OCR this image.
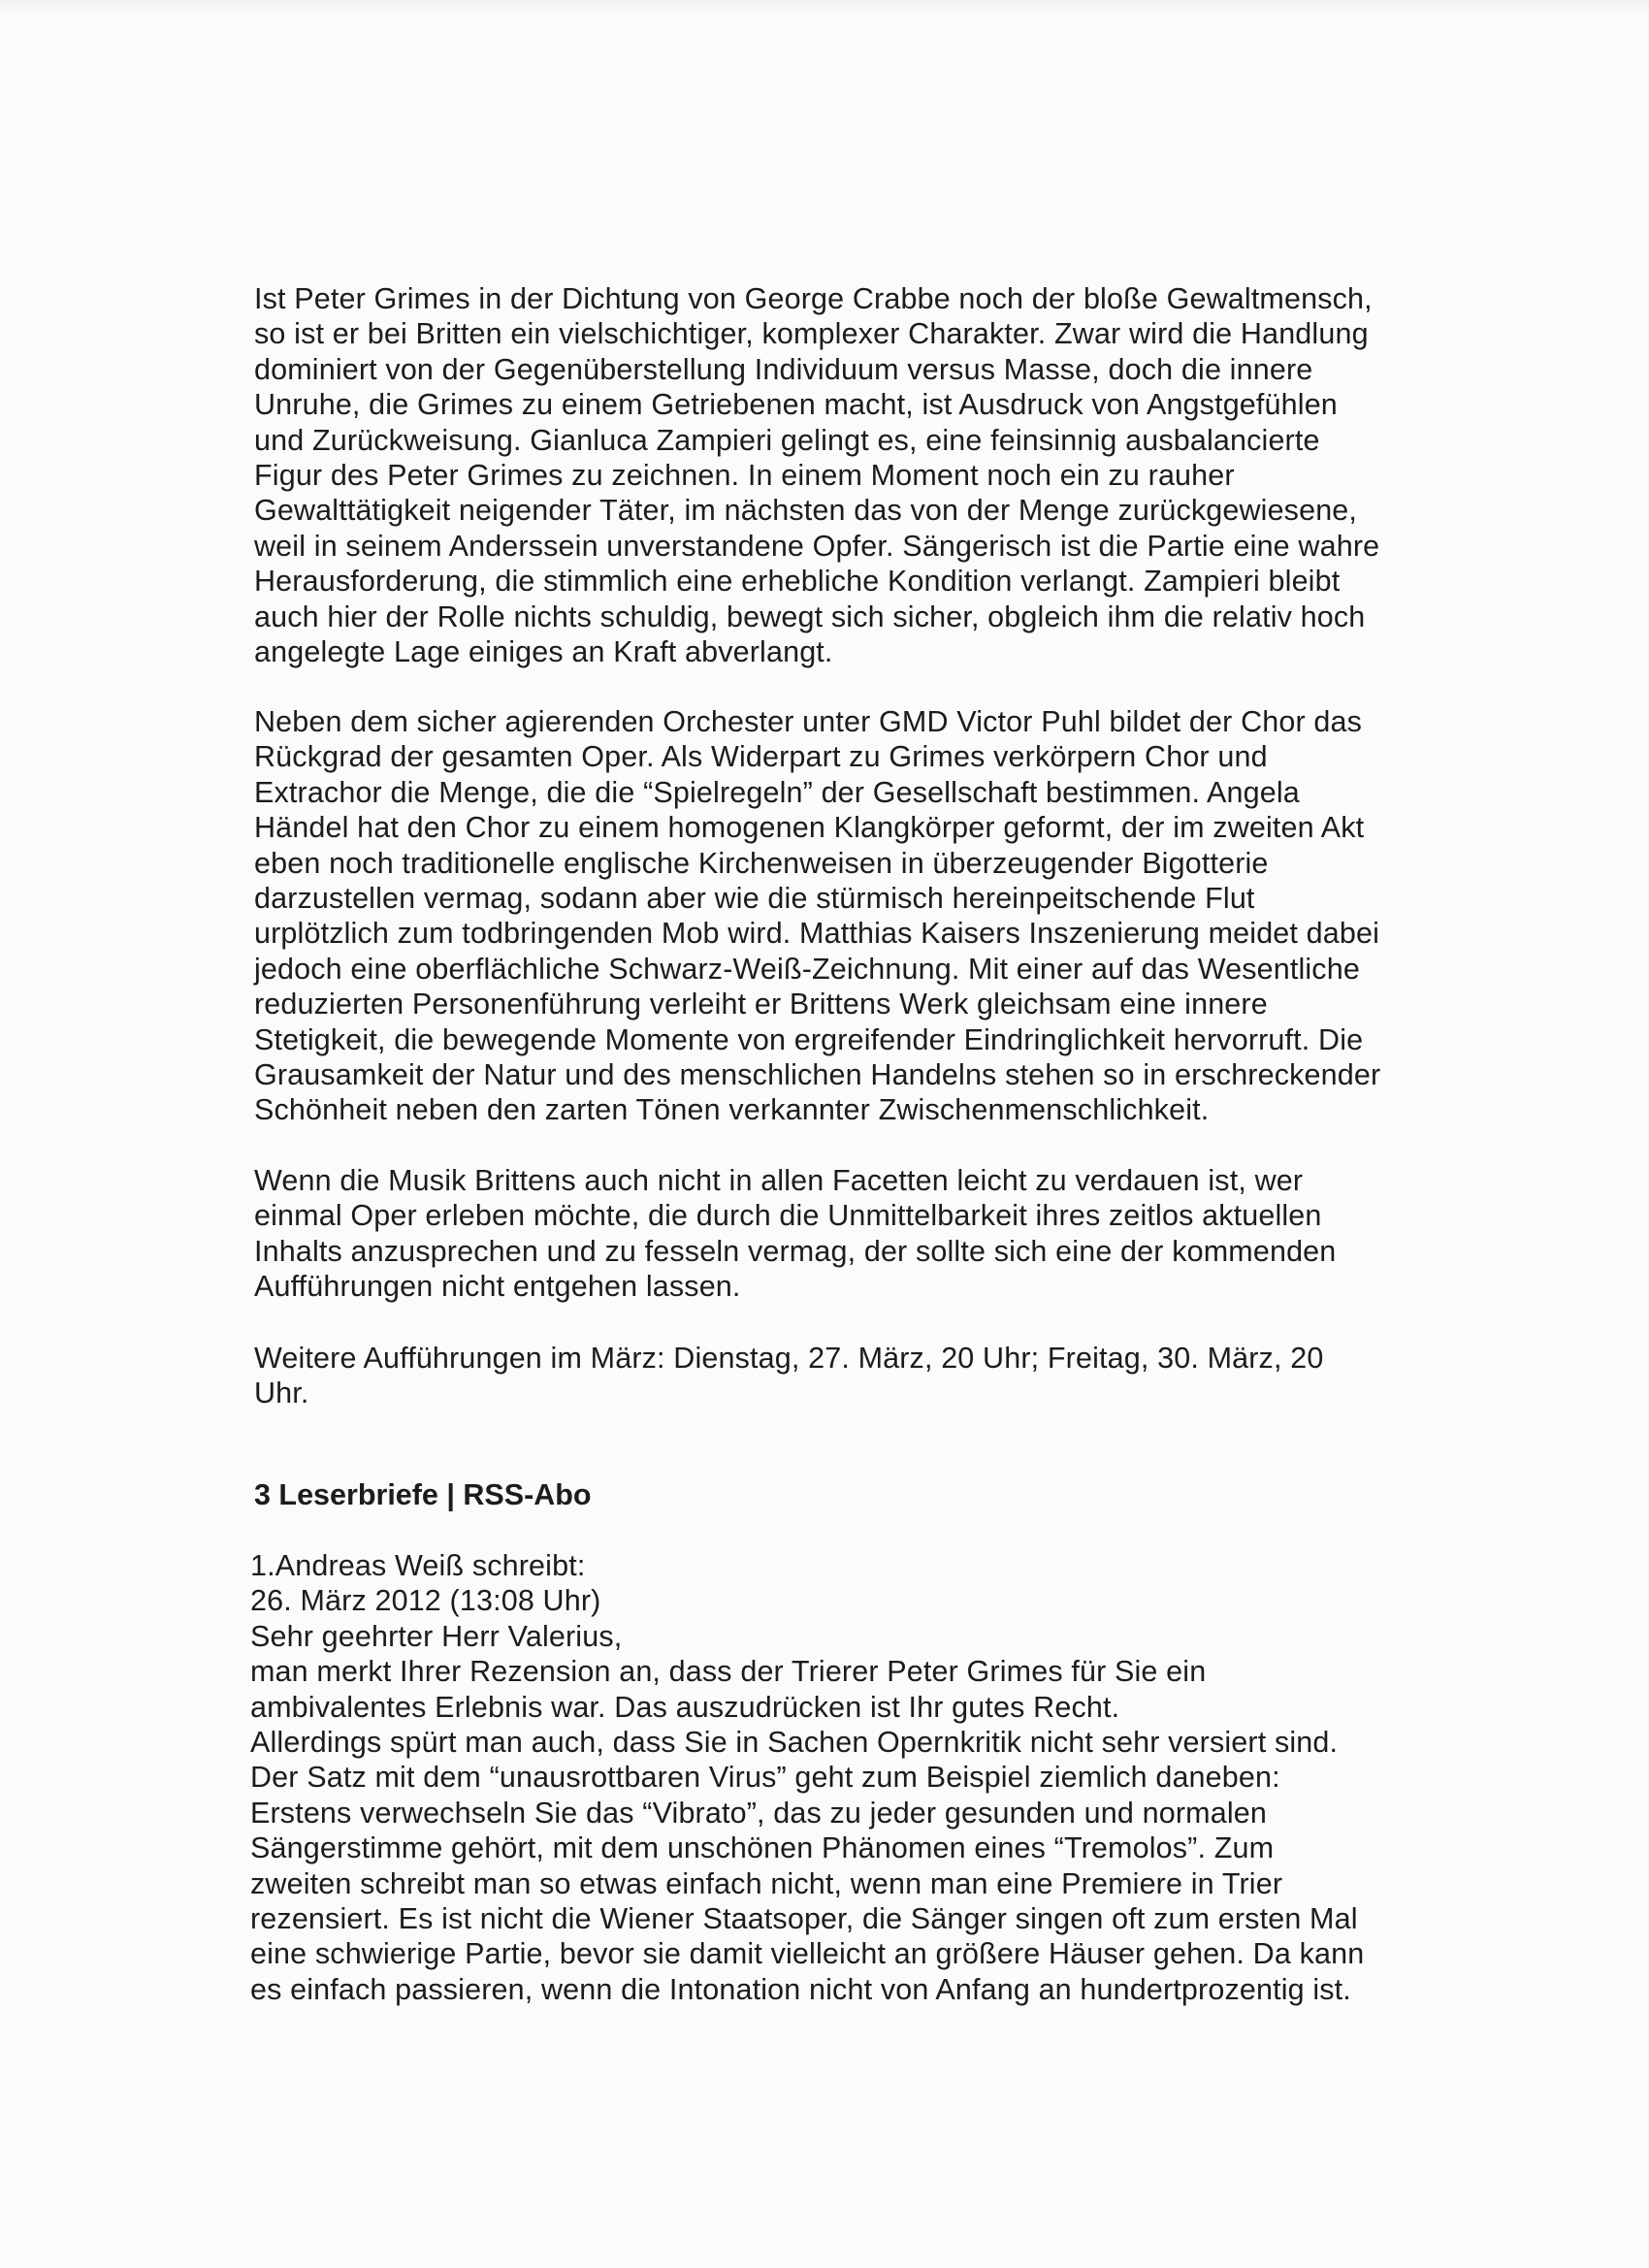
Ist Peter Grimes in der Dichtung von George Crabbe noch der bloße Gewaltmensch,
so ist er bei Britten ein vielschichtiger, komplexer Charakter. Zwar wird die Handlung
dominiert von der Gegenüberstellung Individuum versus Masse, doch die innere
Unruhe, die Grimes zu einem Getriebenen macht, ist Ausdruck von Angstgefühlen
und Zurückweisung. Gianluca Zampieri gelingt es, eine feinsinnig ausbalancierte
Figur des Peter Grimes zu zeichnen. In einem Moment noch ein zu rauher
Gewalttätigkeit neigender Täter, im nächsten das von der Menge zurückgewiesene,
weil in seinem Anderssein unverstandene Opfer. Sängerisch ist die Partie eine wahre
Herausforderung, die stimmlich eine erhebliche Kondition verlangt. Zampieri bleibt
auch hier der Rolle nichts schuldig, bewegt sich sicher, obgleich ihm die relativ hoch
angelegte Lage einiges an Kraft abverlangt.
Neben dem sicher agierenden Orchester unter GMD Victor Puhl bildet der Chor das
Rückgrad der gesamten Oper. Als Widerpart zu Grimes verkörpern Chor und
Extrachor die Menge, die die “Spielregeln” der Gesellschaft bestimmen. Angela
Händel hat den Chor zu einem homogenen Klangkörper geformt, der im zweiten Akt
eben noch traditionelle englische Kirchenweisen in überzeugender Bigotterie
darzustellen vermag, sodann aber wie die stürmisch hereinpeitschende Flut
urplötzlich zum todbringenden Mob wird. Matthias Kaisers Inszenierung meidet dabei
jedoch eine oberflächliche Schwarz-Weiß-Zeichnung. Mit einer auf das Wesentliche
reduzierten Personenführung verleiht er Brittens Werk gleichsam eine innere
Stetigkeit, die bewegende Momente von ergreifender Eindringlichkeit hervorruft. Die
Grausamkeit der Natur und des menschlichen Handelns stehen so in erschreckender
Schönheit neben den zarten Tönen verkannter Zwischenmenschlichkeit.
Wenn die Musik Brittens auch nicht in allen Facetten leicht zu verdauen ist, wer
einmal Oper erleben möchte, die durch die Unmittelbarkeit ihres zeitlos aktuellen
Inhalts anzusprechen und zu fesseln vermag, der sollte sich eine der kommenden
Aufführungen nicht entgehen lassen.
Weitere Aufführungen im März: Dienstag, 27. März, 20 Uhr; Freitag, 30. März, 20
Uhr.
3 Leserbriefe | RSS-Abo
1.Andreas Weiß schreibt:
26. März 2012 (13:08 Uhr)
Sehr geehrter Herr Valerius,
man merkt Ihrer Rezension an, dass der Trierer Peter Grimes für Sie ein
ambivalentes Erlebnis war. Das auszudrücken ist Ihr gutes Recht.
Allerdings spürt man auch, dass Sie in Sachen Opernkritik nicht sehr versiert sind.
Der Satz mit dem “unausrottbaren Virus” geht zum Beispiel ziemlich daneben:
Erstens verwechseln Sie das “Vibrato”, das zu jeder gesunden und normalen
Sängerstimme gehört, mit dem unschönen Phänomen eines “Tremolos”. Zum
zweiten schreibt man so etwas einfach nicht, wenn man eine Premiere in Trier
rezensiert. Es ist nicht die Wiener Staatsoper, die Sänger singen oft zum ersten Mal
eine schwierige Partie, bevor sie damit vielleicht an größere Häuser gehen. Da kann
es einfach passieren, wenn die Intonation nicht von Anfang an hundertprozentig ist.
